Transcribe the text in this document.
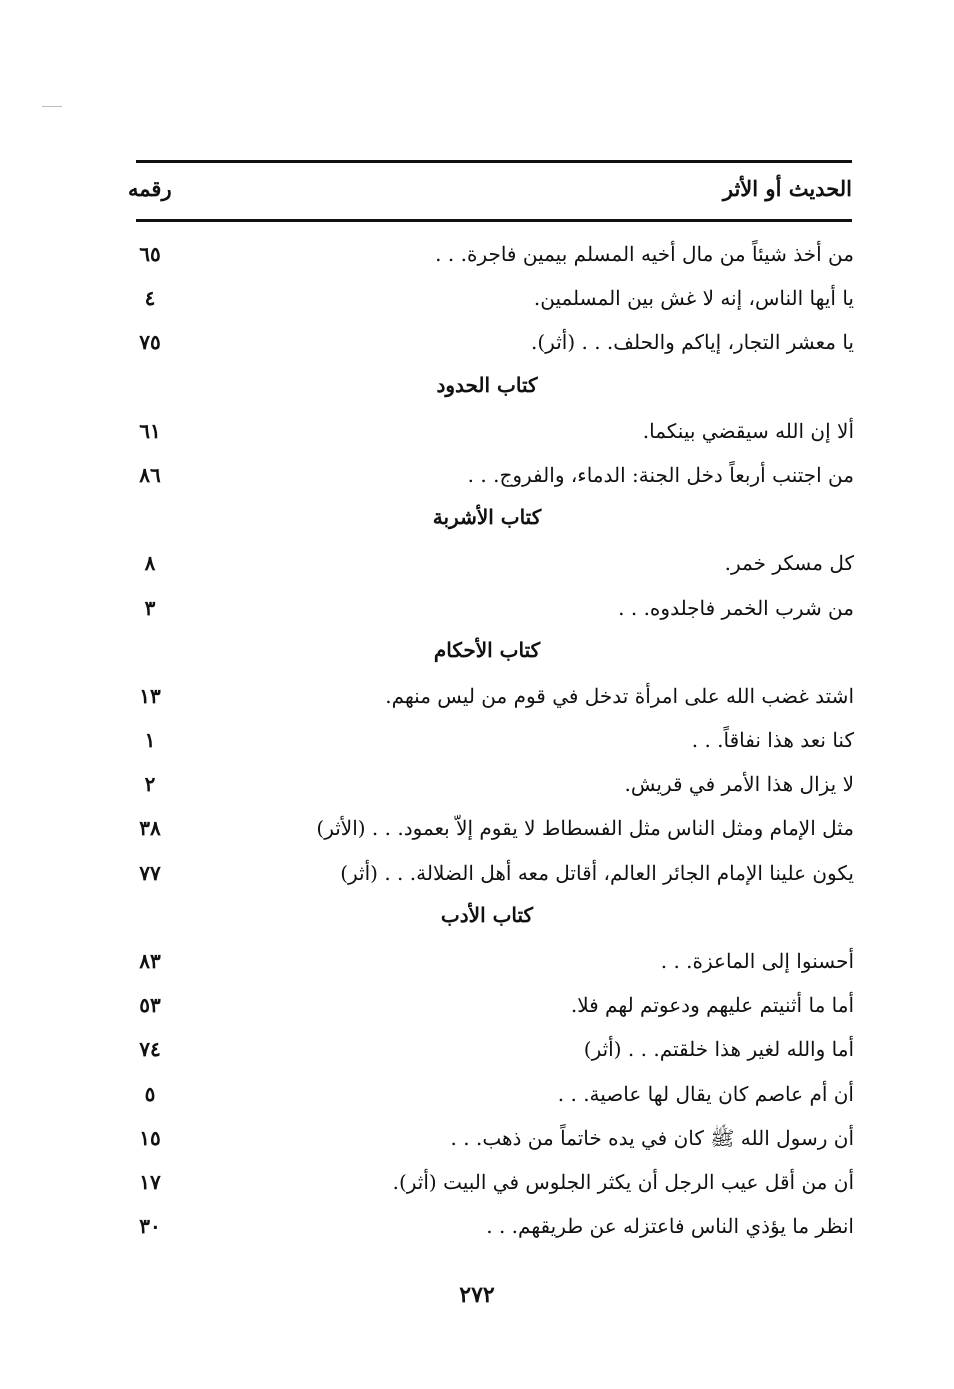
الحديث أو الأثر
رقمه
من أخذ شيئاً من مال أخيه المسلم بيمين فاجرة. . .
٦٥
يا أيها الناس، إنه لا غش بين المسلمين.
٤
يا معشر التجار، إياكم والحلف. . . (أثر).
٧٥
كتاب الحدود
ألا إن الله سيقضي بينكما.
٦١
من اجتنب أربعاً دخل الجنة: الدماء، والفروج. . .
٨٦
كتاب الأشربة
كل مسكر خمر.
٨
من شرب الخمر فاجلدوه. . .
٣
كتاب الأحكام
اشتد غضب الله على امرأة تدخل في قوم من ليس منهم.
١٣
كنا نعد هذا نفاقاً. . .
١
لا يزال هذا الأمر في قريش.
٢
مثل الإمام ومثل الناس مثل الفسطاط لا يقوم إلاّ بعمود. . . (الأثر)
٣٨
يكون علينا الإمام الجائر العالم، أقاتل معه أهل الضلالة. . . (أثر)
٧٧
كتاب الأدب
أحسنوا إلى الماعزة. . .
٨٣
أما ما أثنيتم عليهم ودعوتم لهم فلا.
٥٣
أما والله لغير هذا خلقتم. . . (أثر)
٧٤
أن أم عاصم كان يقال لها عاصية. . .
٥
أن رسول الله ﷺ كان في يده خاتماً من ذهب. . .
١٥
أن من أقل عيب الرجل أن يكثر الجلوس في البيت (أثر).
١٧
انظر ما يؤذي الناس فاعتزله عن طريقهم. . .
٣٠
٢٧٢
